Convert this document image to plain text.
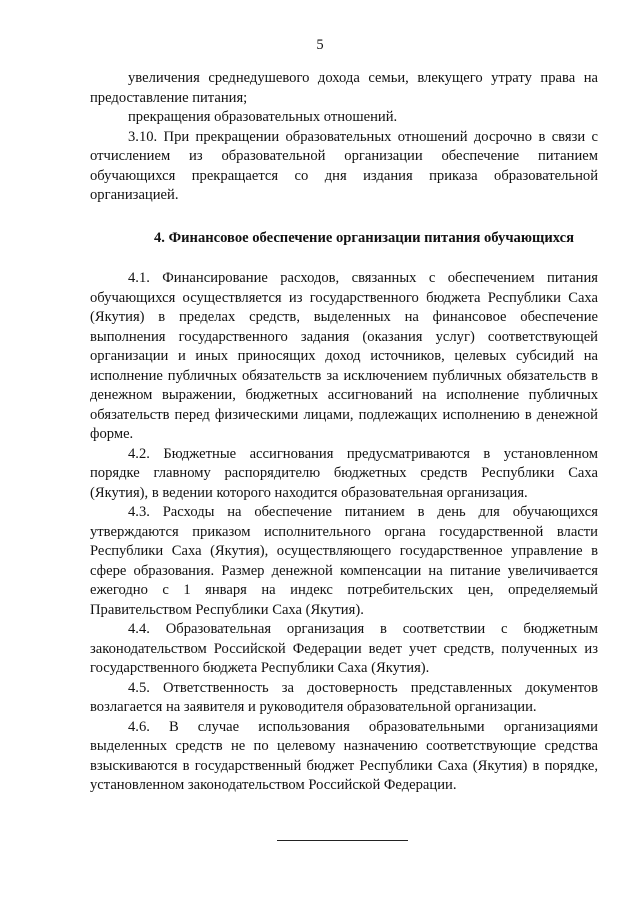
5

увеличения среднедушевого дохода семьи, влекущего утрату права на предоставление питания;

прекращения образовательных отношений.

3.10. При прекращении образовательных отношений досрочно в связи с отчислением из образовательной организации обеспечение питанием обучающихся прекращается со дня издания приказа образовательной организацией.

4. Финансовое обеспечение организации питания обучающихся

4.1. Финансирование расходов, связанных с обеспечением питания обучающихся осуществляется из государственного бюджета Республики Саха (Якутия) в пределах средств, выделенных на финансовое обеспечение выполнения государственного задания (оказания услуг) соответствующей организации и иных приносящих доход источников, целевых субсидий на исполнение публичных обязательств за исключением публичных обязательств в денежном выражении, бюджетных ассигнований на исполнение публичных обязательств перед физическими лицами, подлежащих исполнению в денежной форме.

4.2. Бюджетные ассигнования предусматриваются в установленном порядке главному распорядителю бюджетных средств Республики Саха (Якутия), в ведении которого находится образовательная организация.

4.3. Расходы на обеспечение питанием в день для обучающихся утверждаются приказом исполнительного органа государственной власти Республики Саха (Якутия), осуществляющего государственное управление в сфере образования. Размер денежной компенсации на питание увеличивается ежегодно с 1 января на индекс потребительских цен, определяемый Правительством Республики Саха (Якутия).

4.4. Образовательная организация в соответствии с бюджетным законодательством Российской Федерации ведет учет средств, полученных из государственного бюджета Республики Саха (Якутия).

4.5. Ответственность за достоверность представленных документов возлагается на заявителя и руководителя образовательной организации.

4.6. В случае использования образовательными организациями выделенных средств не по целевому назначению соответствующие средства взыскиваются в государственный бюджет Республики Саха (Якутия) в порядке, установленном законодательством Российской Федерации.
